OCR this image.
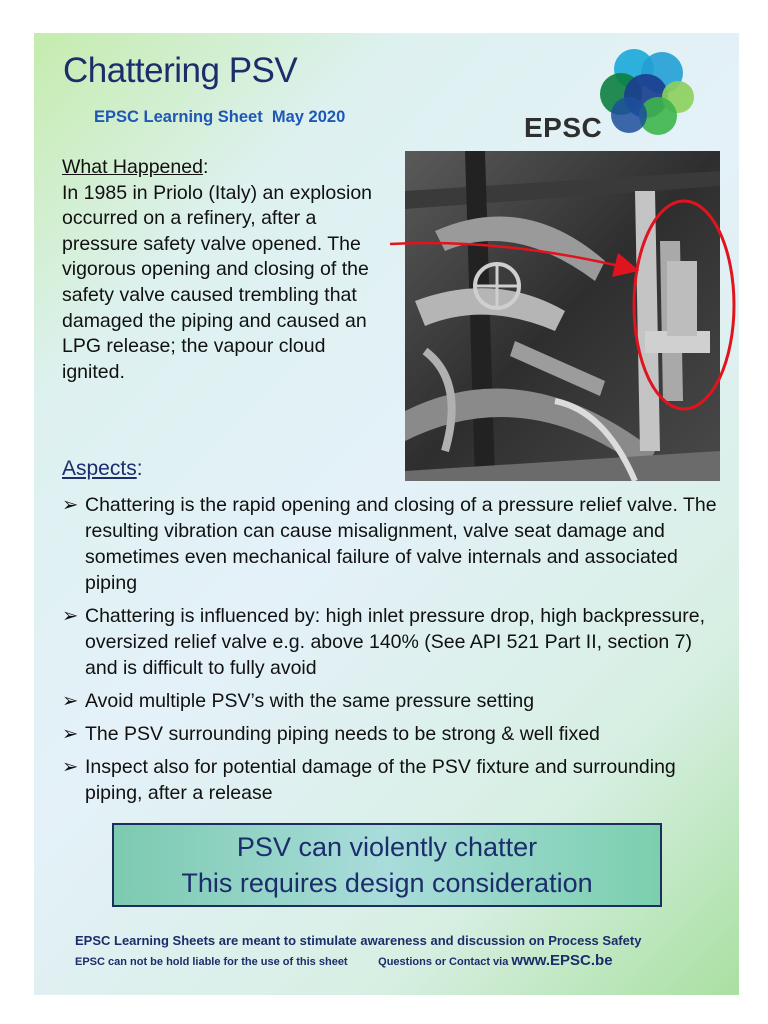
Chattering PSV
EPSC Learning Sheet  May 2020	EPSC
What Happened:
In 1985 in Priolo (Italy) an explosion occurred on a refinery, after a pressure safety valve opened. The vigorous opening and closing of the safety valve caused trembling that damaged the piping and caused an LPG release; the vapour cloud ignited.
Aspects:
➢ Chattering is the rapid opening and closing of a pressure relief valve. The resulting vibration can cause misalignment, valve seat damage and sometimes even mechanical failure of valve internals and associated piping
➢ Chattering is influenced by: high inlet pressure drop, high backpressure, oversized relief valve e.g. above 140% (See API 521 Part II, section 7) and is difficult to fully avoid
➢ Avoid multiple PSV’s with the same pressure setting
➢ The PSV surrounding piping needs to be strong & well fixed
➢ Inspect also for potential damage of the PSV fixture and surrounding piping, after a release
PSV can violently chatter
This requires design consideration
EPSC Learning Sheets are meant to stimulate awareness and discussion on Process Safety
EPSC can not be hold liable for the use of this sheet	Questions or Contact via www.EPSC.be
